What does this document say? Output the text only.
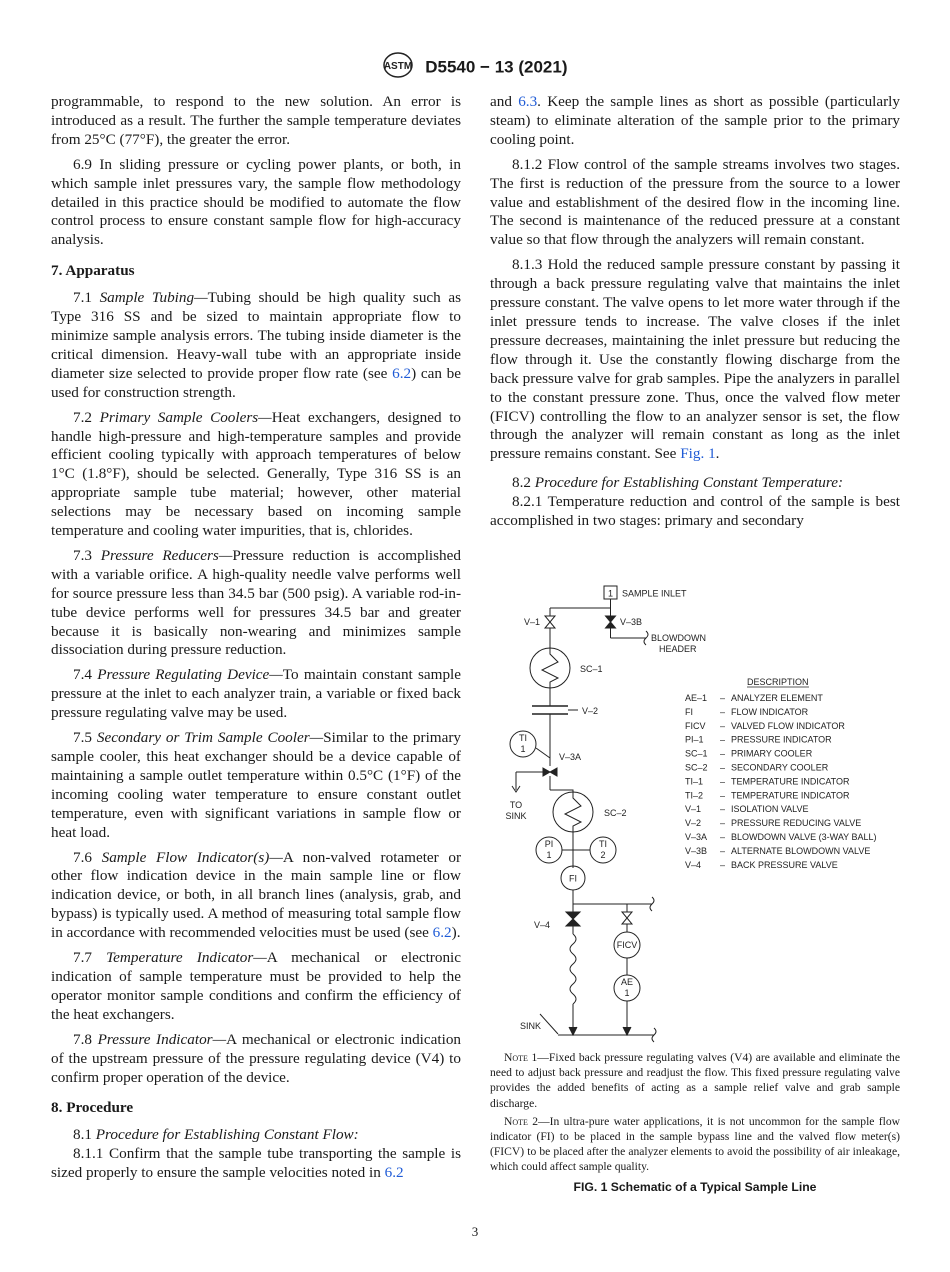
ASTM D5540 − 13 (2021)

programmable, to respond to the new solution. An error is introduced as a result. The further the sample temperature deviates from 25°C (77°F), the greater the error.

6.9 In sliding pressure or cycling power plants, or both, in which sample inlet pressures vary, the sample flow methodology detailed in this practice should be modified to automate the flow control process to ensure constant sample flow for high-accuracy analysis.

7. Apparatus

7.1 Sample Tubing—Tubing should be high quality such as Type 316 SS and be sized to maintain appropriate flow to minimize sample analysis errors. The tubing inside diameter is the critical dimension. Heavy-wall tube with an appropriate inside diameter size selected to provide proper flow rate (see 6.2) can be used for construction strength.

7.2 Primary Sample Coolers—Heat exchangers, designed to handle high-pressure and high-temperature samples and provide efficient cooling typically with approach temperatures of below 1°C (1.8°F), should be selected. Generally, Type 316 SS is an appropriate sample tube material; however, other material selections may be necessary based on incoming sample temperature and cooling water impurities, that is, chlorides.

7.3 Pressure Reducers—Pressure reduction is accomplished with a variable orifice. A high-quality needle valve performs well for source pressure less than 34.5 bar (500 psig). A variable rod-in-tube device performs well for pressures 34.5 bar and greater because it is basically non-wearing and minimizes sample dissociation during pressure reduction.

7.4 Pressure Regulating Device—To maintain constant sample pressure at the inlet to each analyzer train, a variable or fixed back pressure regulating valve may be used.

7.5 Secondary or Trim Sample Cooler—Similar to the primary sample cooler, this heat exchanger should be a device capable of maintaining a sample outlet temperature within 0.5°C (1°F) of the incoming cooling water temperature to ensure constant outlet temperature, even with significant variations in sample flow or heat load.

7.6 Sample Flow Indicator(s)—A non-valved rotameter or other flow indication device in the main sample line or flow indication device, or both, in all branch lines (analysis, grab, and bypass) is typically used. A method of measuring total sample flow in accordance with recommended velocities must be used (see 6.2).

7.7 Temperature Indicator—A mechanical or electronic indication of sample temperature must be provided to help the operator monitor sample conditions and confirm the efficiency of the heat exchangers.

7.8 Pressure Indicator—A mechanical or electronic indication of the upstream pressure of the pressure regulating device (V4) to confirm proper operation of the device.

8. Procedure

8.1 Procedure for Establishing Constant Flow:

8.1.1 Confirm that the sample tube transporting the sample is sized properly to ensure the sample velocities noted in 6.2

and 6.3. Keep the sample lines as short as possible (particularly steam) to eliminate alteration of the sample prior to the primary cooling point.

8.1.2 Flow control of the sample streams involves two stages. The first is reduction of the pressure from the source to a lower value and establishment of the desired flow in the incoming line. The second is maintenance of the reduced pressure at a constant value so that flow through the analyzers will remain constant.

8.1.3 Hold the reduced sample pressure constant by passing it through a back pressure regulating valve that maintains the inlet pressure constant. The valve opens to let more water through if the inlet pressure tends to increase. The valve closes if the inlet pressure decreases, maintaining the inlet pressure but reducing the flow through it. Use the constantly flowing discharge from the back pressure valve for grab samples. Pipe the analyzers in parallel to the constant pressure zone. Thus, once the valved flow meter (FICV) controlling the flow to an analyzer sensor is set, the flow through the analyzer will remain constant as long as the inlet pressure remains constant. See Fig. 1.

8.2 Procedure for Establishing Constant Temperature:

8.2.1 Temperature reduction and control of the sample is best accomplished in two stages: primary and secondary

1 SAMPLE INLET
V–1	V–3B
BLOWDOWN
HEADER
SC–1
V–2
TI
1
V–3A
TO
SINK	SC–2
PI
1
TI
2
FI
V–4
FICV
AE
1
SINK
DESCRIPTION
AE–1 – ANALYZER ELEMENT
FI	– FLOW INDICATOR
FICV – VALVED FLOW INDICATOR
PI–1 – PRESSURE INDICATOR
SC–1 – PRIMARY COOLER
SC–2 – SECONDARY COOLER
TI–1 – TEMPERATURE INDICATOR
TI–2 – TEMPERATURE INDICATOR
V–1 – ISOLATION VALVE
V–2 – PRESSURE REDUCING VALVE
V–3A – BLOWDOWN VALVE (3-WAY BALL)
V–3B – ALTERNATE BLOWDOWN VALVE
V–4 – BACK PRESSURE VALVE

Note 1—Fixed back pressure regulating valves (V4) are available and eliminate the need to adjust back pressure and readjust the flow. This fixed pressure regulating valve provides the added benefits of acting as a sample relief valve and grab sample discharge.

Note 2—In ultra-pure water applications, it is not uncommon for the sample flow indicator (FI) to be placed in the sample bypass line and the valved flow meter(s) (FICV) to be placed after the analyzer elements to avoid the possibility of air inleakage, which could affect sample quality.

FIG. 1 Schematic of a Typical Sample Line
3
